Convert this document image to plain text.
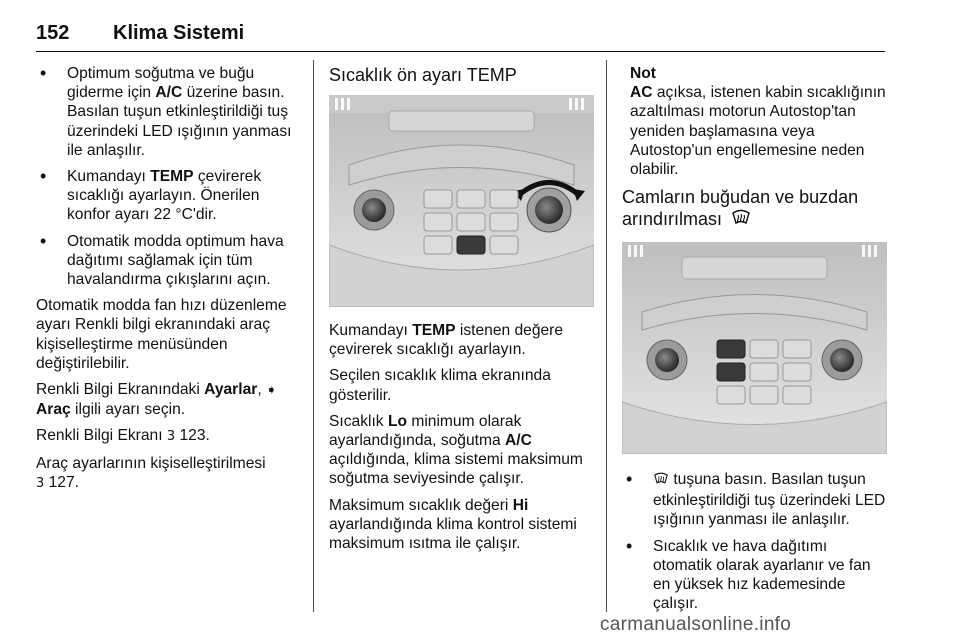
152 Klima Sistemi
• Optimum soğutma ve buğu giderme için A/C üzerine basın. Basılan tuşun etkinleştirildiği tuş üzerindeki LED ışığının yanması ile anlaşılır.
• Kumandayı TEMP çevirerek sıcaklığı ayarlayın. Önerilen konfor ayarı 22 °C'dir.
• Otomatik modda optimum hava dağıtımı sağlamak için tüm havalandırma çıkışlarını açın.

Otomatik modda fan hızı düzenleme ayarı Renkli bilgi ekranındaki araç kişiselleştirme menüsünden değiştirilebilir.

Renkli Bilgi Ekranındaki Ayarlar, ➧
Araç ilgili ayarı seçin.

Renkli Bilgi Ekranı 3 123.

Araç ayarlarının kişiselleştirilmesi
3 127.

Sıcaklık ön ayarı TEMP

Kumandayı TEMP istenen değere çevirerek sıcaklığı ayarlayın.

Seçilen sıcaklık klima ekranında gösterilir.

Sıcaklık Lo minimum olarak ayarlandığında, soğutma A/C açıldığında, klima sistemi maksimum soğutma seviyesinde çalışır.

Maksimum sıcaklık değeri Hi ayarlandığında klima kontrol sistemi maksimum ısıtma ile çalışır.

Not
AC açıksa, istenen kabin sıcaklığının azaltılması motorun Autostop'tan yeniden başlamasına veya Autostop'un engellemesine neden olabilir.
Camların buğudan ve buzdan arındırılması
• tuşuna basın. Basılan tuşun etkinleştirildiği tuş üzerindeki LED ışığının yanması ile anlaşılır.
• Sıcaklık ve hava dağıtımı otomatik olarak ayarlanır ve fan en yüksek hız kademesinde çalışır.
carmanualsonline.info
